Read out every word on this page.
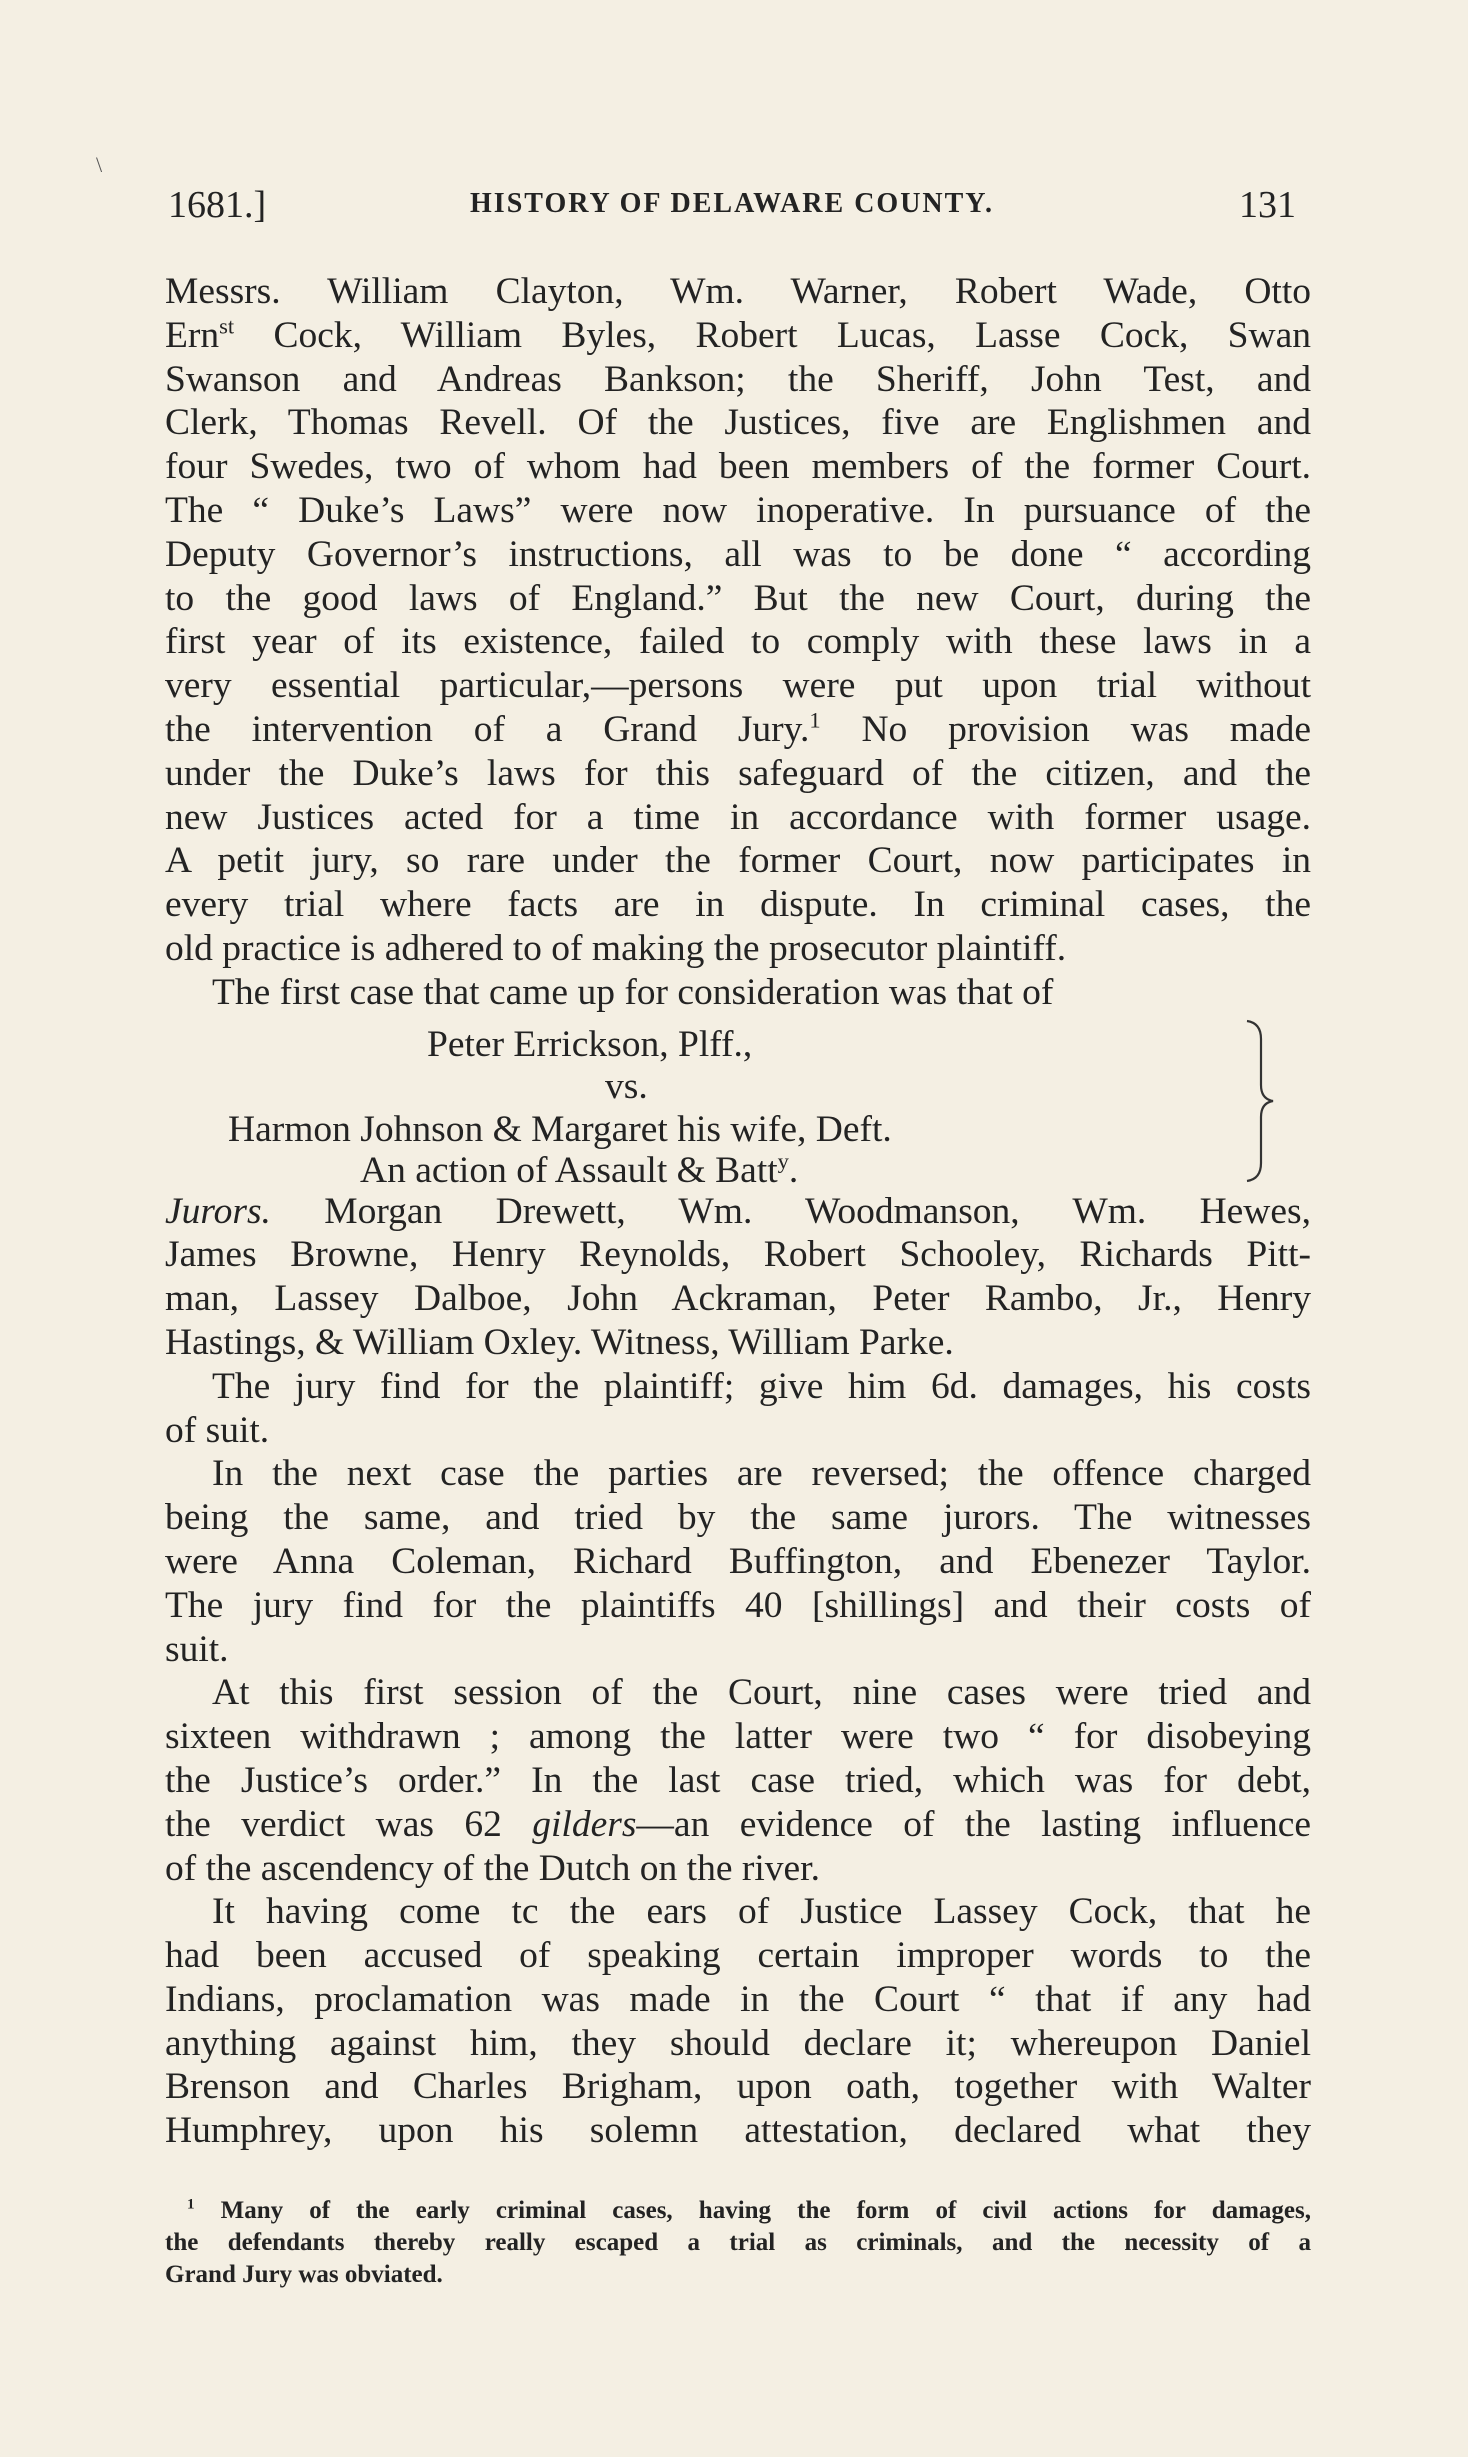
\
1681.]	HISTORY OF DELAWARE COUNTY.	131

Messrs. William Clayton, Wm. Warner, Robert Wade, Otto
Ern$^{st}$ Cock, William Byles, Robert Lucas, Lasse Cock, Swan
Swanson and Andreas Bankson; the Sheriff, John Test, and
Clerk, Thomas Revell. Of the Justices, five are Englishmen and
four Swedes, two of whom had been members of the former Court.
The “ Duke’s Laws” were now inoperative. In pursuance of the
Deputy Governor’s instructions, all was to be done “ according
to the good laws of England.” But the new Court, during the
first year of its existence, failed to comply with these laws in a
very essential particular,—persons were put upon trial without
the intervention of a Grand Jury.$^1$ No provision was made
under the Duke’s laws for this safeguard of the citizen, and the
new Justices acted for a time in accordance with former usage.
A petit jury, so rare under the former Court, now participates in
every trial where facts are in dispute. In criminal cases, the
old practice is adhered to of making the prosecutor plaintiff.

The first case that came up for consideration was that of

Peter Errickson, Plff.,
vs.
Harmon Johnson & Margaret his wife, Deft.
An action of Assault & Batt$^y$.

Jurors. Morgan Drewett, Wm. Woodmanson, Wm. Hewes,
James Browne, Henry Reynolds, Robert Schooley, Richards Pitt-
man, Lassey Dalboe, John Ackraman, Peter Rambo, Jr., Henry
Hastings, & William Oxley. Witness, William Parke.

The jury find for the plaintiff; give him 6d. damages, his costs
of suit.

In the next case the parties are reversed; the offence charged
being the same, and tried by the same jurors. The witnesses
were Anna Coleman, Richard Buffington, and Ebenezer Taylor.
The jury find for the plaintiffs 40 [shillings] and their costs of
suit.

At this first session of the Court, nine cases were tried and
sixteen withdrawn ; among the latter were two “ for disobeying
the Justice’s order.” In the last case tried, which was for debt,
the verdict was 62 gilders—an evidence of the lasting influence
of the ascendency of the Dutch on the river.

It having come tc the ears of Justice Lassey Cock, that he
had been accused of speaking certain improper words to the
Indians, proclamation was made in the Court “ that if any had
anything against him, they should declare it; whereupon Daniel
Brenson and Charles Brigham, upon oath, together with Walter
Humphrey, upon his solemn attestation, declared what they

$^1$ Many of the early criminal cases, having the form of civil actions for damages,
the defendants thereby really escaped a trial as criminals, and the necessity of a
Grand Jury was obviated.
